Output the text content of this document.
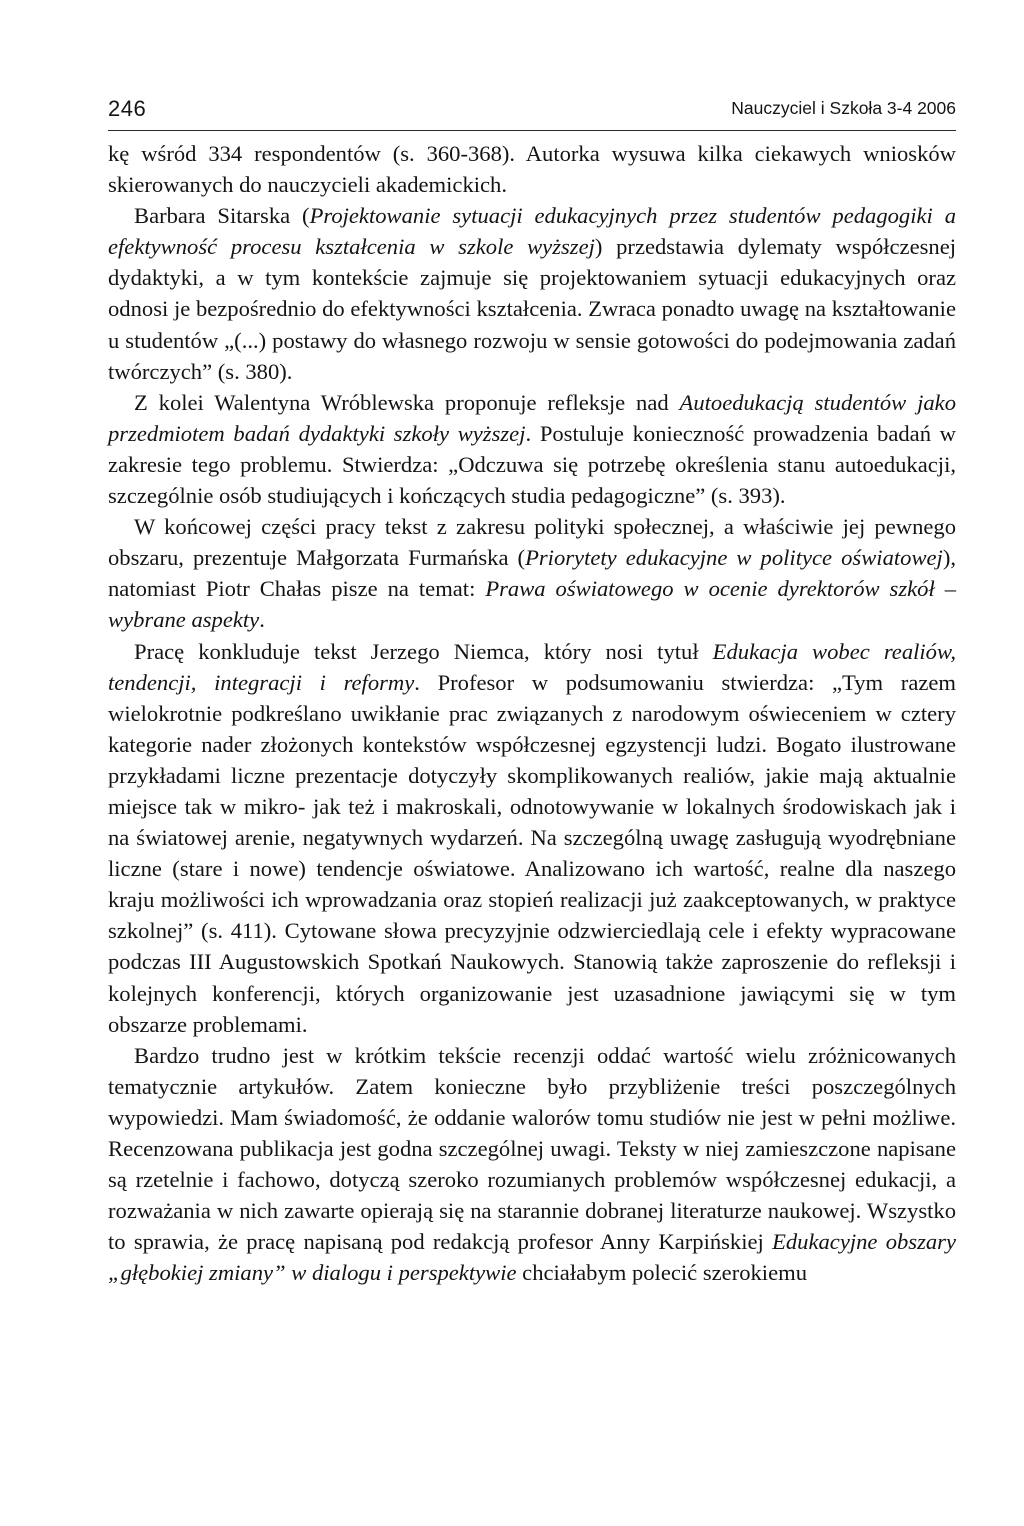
246	Nauczyciel i Szkoła 3-4 2006

kę wśród 334 respondentów (s. 360-368). Autorka wysuwa kilka ciekawych wniosków skierowanych do nauczycieli akademickich.

Barbara Sitarska (Projektowanie sytuacji edukacyjnych przez studentów pedagogiki a efektywność procesu kształcenia w szkole wyższej) przedstawia dylematy współczesnej dydaktyki, a w tym kontekście zajmuje się projektowaniem sytuacji edukacyjnych oraz odnosi je bezpośrednio do efektywności kształcenia. Zwraca ponadto uwagę na kształtowanie u studentów „(...) postawy do własnego rozwoju w sensie gotowości do podejmowania zadań twórczych” (s. 380).

Z kolei Walentyna Wróblewska proponuje refleksje nad Autoedukacją studentów jako przedmiotem badań dydaktyki szkoły wyższej. Postuluje konieczność prowadzenia badań w zakresie tego problemu. Stwierdza: „Odczuwa się potrzebę określenia stanu autoedukacji, szczególnie osób studiujących i kończących studia pedagogiczne” (s. 393).

W końcowej części pracy tekst z zakresu polityki społecznej, a właściwie jej pewnego obszaru, prezentuje Małgorzata Furmańska (Priorytety edukacyjne w polityce oświatowej), natomiast Piotr Chałas pisze na temat: Prawa oświatowego w ocenie dyrektorów szkół – wybrane aspekty.

Pracę konkluduje tekst Jerzego Niemca, który nosi tytuł Edukacja wobec realiów, tendencji, integracji i reformy. Profesor w podsumowaniu stwierdza: „Tym razem wielokrotnie podkreślano uwikłanie prac związanych z narodowym oświeceniem w cztery kategorie nader złożonych kontekstów współczesnej egzystencji ludzi. Bogato ilustrowane przykładami liczne prezentacje dotyczyły skomplikowanych realiów, jakie mają aktualnie miejsce tak w mikro- jak też i makroskali, odnotowywanie w lokalnych środowiskach jak i na światowej arenie, negatywnych wydarzeń. Na szczególną uwagę zasługują wyodrębniane liczne (stare i nowe) tendencje oświatowe. Analizowano ich wartość, realne dla naszego kraju możliwości ich wprowadzania oraz stopień realizacji już zaakceptowanych, w praktyce szkolnej” (s. 411). Cytowane słowa precyzyjnie odzwierciedlają cele i efekty wypracowane podczas III Augustowskich Spotkań Naukowych. Stanowią także zaproszenie do refleksji i kolejnych konferencji, których organizowanie jest uzasadnione jawiącymi się w tym obszarze problemami.

Bardzo trudno jest w krótkim tekście recenzji oddać wartość wielu zróżnicowanych tematycznie artykułów. Zatem konieczne było przybliżenie treści poszczególnych wypowiedzi. Mam świadomość, że oddanie walorów tomu studiów nie jest w pełni możliwe. Recenzowana publikacja jest godna szczególnej uwagi. Teksty w niej zamieszczone napisane są rzetelnie i fachowo, dotyczą szeroko rozumianych problemów współczesnej edukacji, a rozważania w nich zawarte opierają się na starannie dobranej literaturze naukowej. Wszystko to sprawia, że pracę napisaną pod redakcją profesor Anny Karpińskiej Edukacyjne obszary „głębokiej zmiany” w dialogu i perspektywie chciałabym polecić szerokiemu
